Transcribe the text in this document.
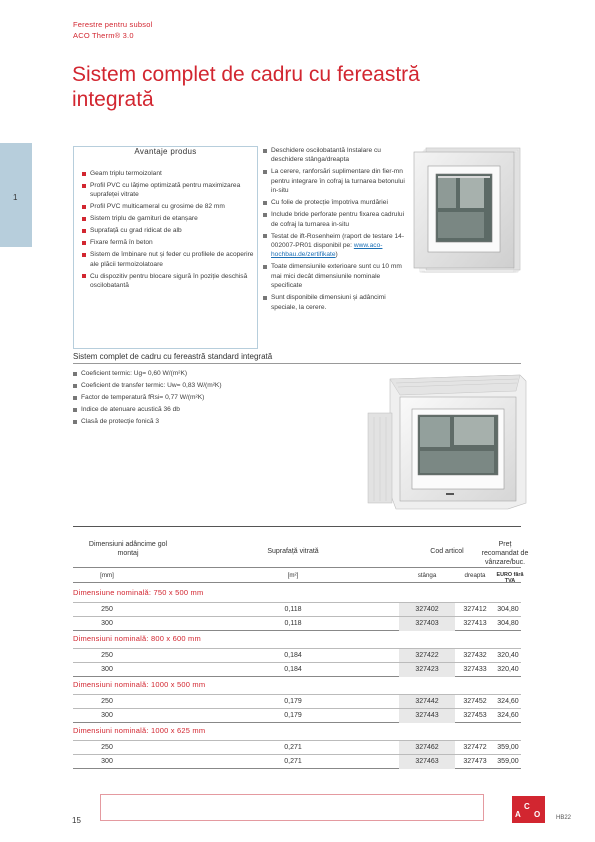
1
Ferestre pentru subsol
ACO Therm® 3.0
Sistem complet de cadru cu fereastră integrată
Avantaje produs
Geam triplu termoizolant
Profil PVC cu lățime optimizată pentru maximizarea suprafeței vitrate
Profil PVC multicameral cu grosime de 82 mm
Sistem triplu de garnituri de etanșare
Suprafață cu grad ridicat de alb
Fixare fermă în beton
Sistem de îmbinare nut și feder cu profilele de acoperire ale plăcii termoizolatoare
Cu dispozitiv pentru blocare sigură în poziție deschisă oscilobatantă
Deschidere oscilobatantă Instalare cu deschidere stânga/dreapta
La cerere, ranforsări suplimentare din fier-mn pentru integrare în cofraj la turnarea betonului in-situ
Cu folie de protecție împotriva murdăriei
Include bride perforate pentru fixarea cadrului de cofraj la turnarea in-situ
Testat de ift-Rosenheim (raport de testare 14-002007-PR01 disponibil pe: www.aco-hochbau.de/zertifikate)
Toate dimensiunile exterioare sunt cu 10 mm mai mici decât dimensiunile nominale specificate
Sunt disponibile dimensiuni și adâncimi speciale, la cerere.
Sistem complet de cadru cu fereastră standard integrată
Coeficient termic: Ug= 0,60 W/(m²K)
Coeficient de transfer termic: Uw= 0,83 W/(m²K)
Factor de temperatură fRsi= 0,77 W/(m²K)
Indice de atenuare acustică 36 db
Clasă de protecție fonică 3
Dimensiuni adâncime gol montaj	Suprafață vitrată	Cod articol
Preț recomandat de vânzare/buc.
[mm]	[m²]	stânga	dreapta	EURO fără TVA
Dimensiune nominală: 750 x 500 mm
250	0,118	327402	327412	304,80
300	0,118	327403	327413	304,80
Dimensiuni nominală: 800 x 600 mm
250	0,184	327422	327432	320,40
300	0,184	327423	327433	320,40
Dimensiuni nominală: 1000 x 500 mm
250	0,179	327442	327452	324,60
300	0,179	327443	327453	324,60
Dimensiuni nominală: 1000 x 625 mm
250	0,271	327462	327472	359,00
300	0,271	327463	327473	359,00
15
A
C
O	HB22
